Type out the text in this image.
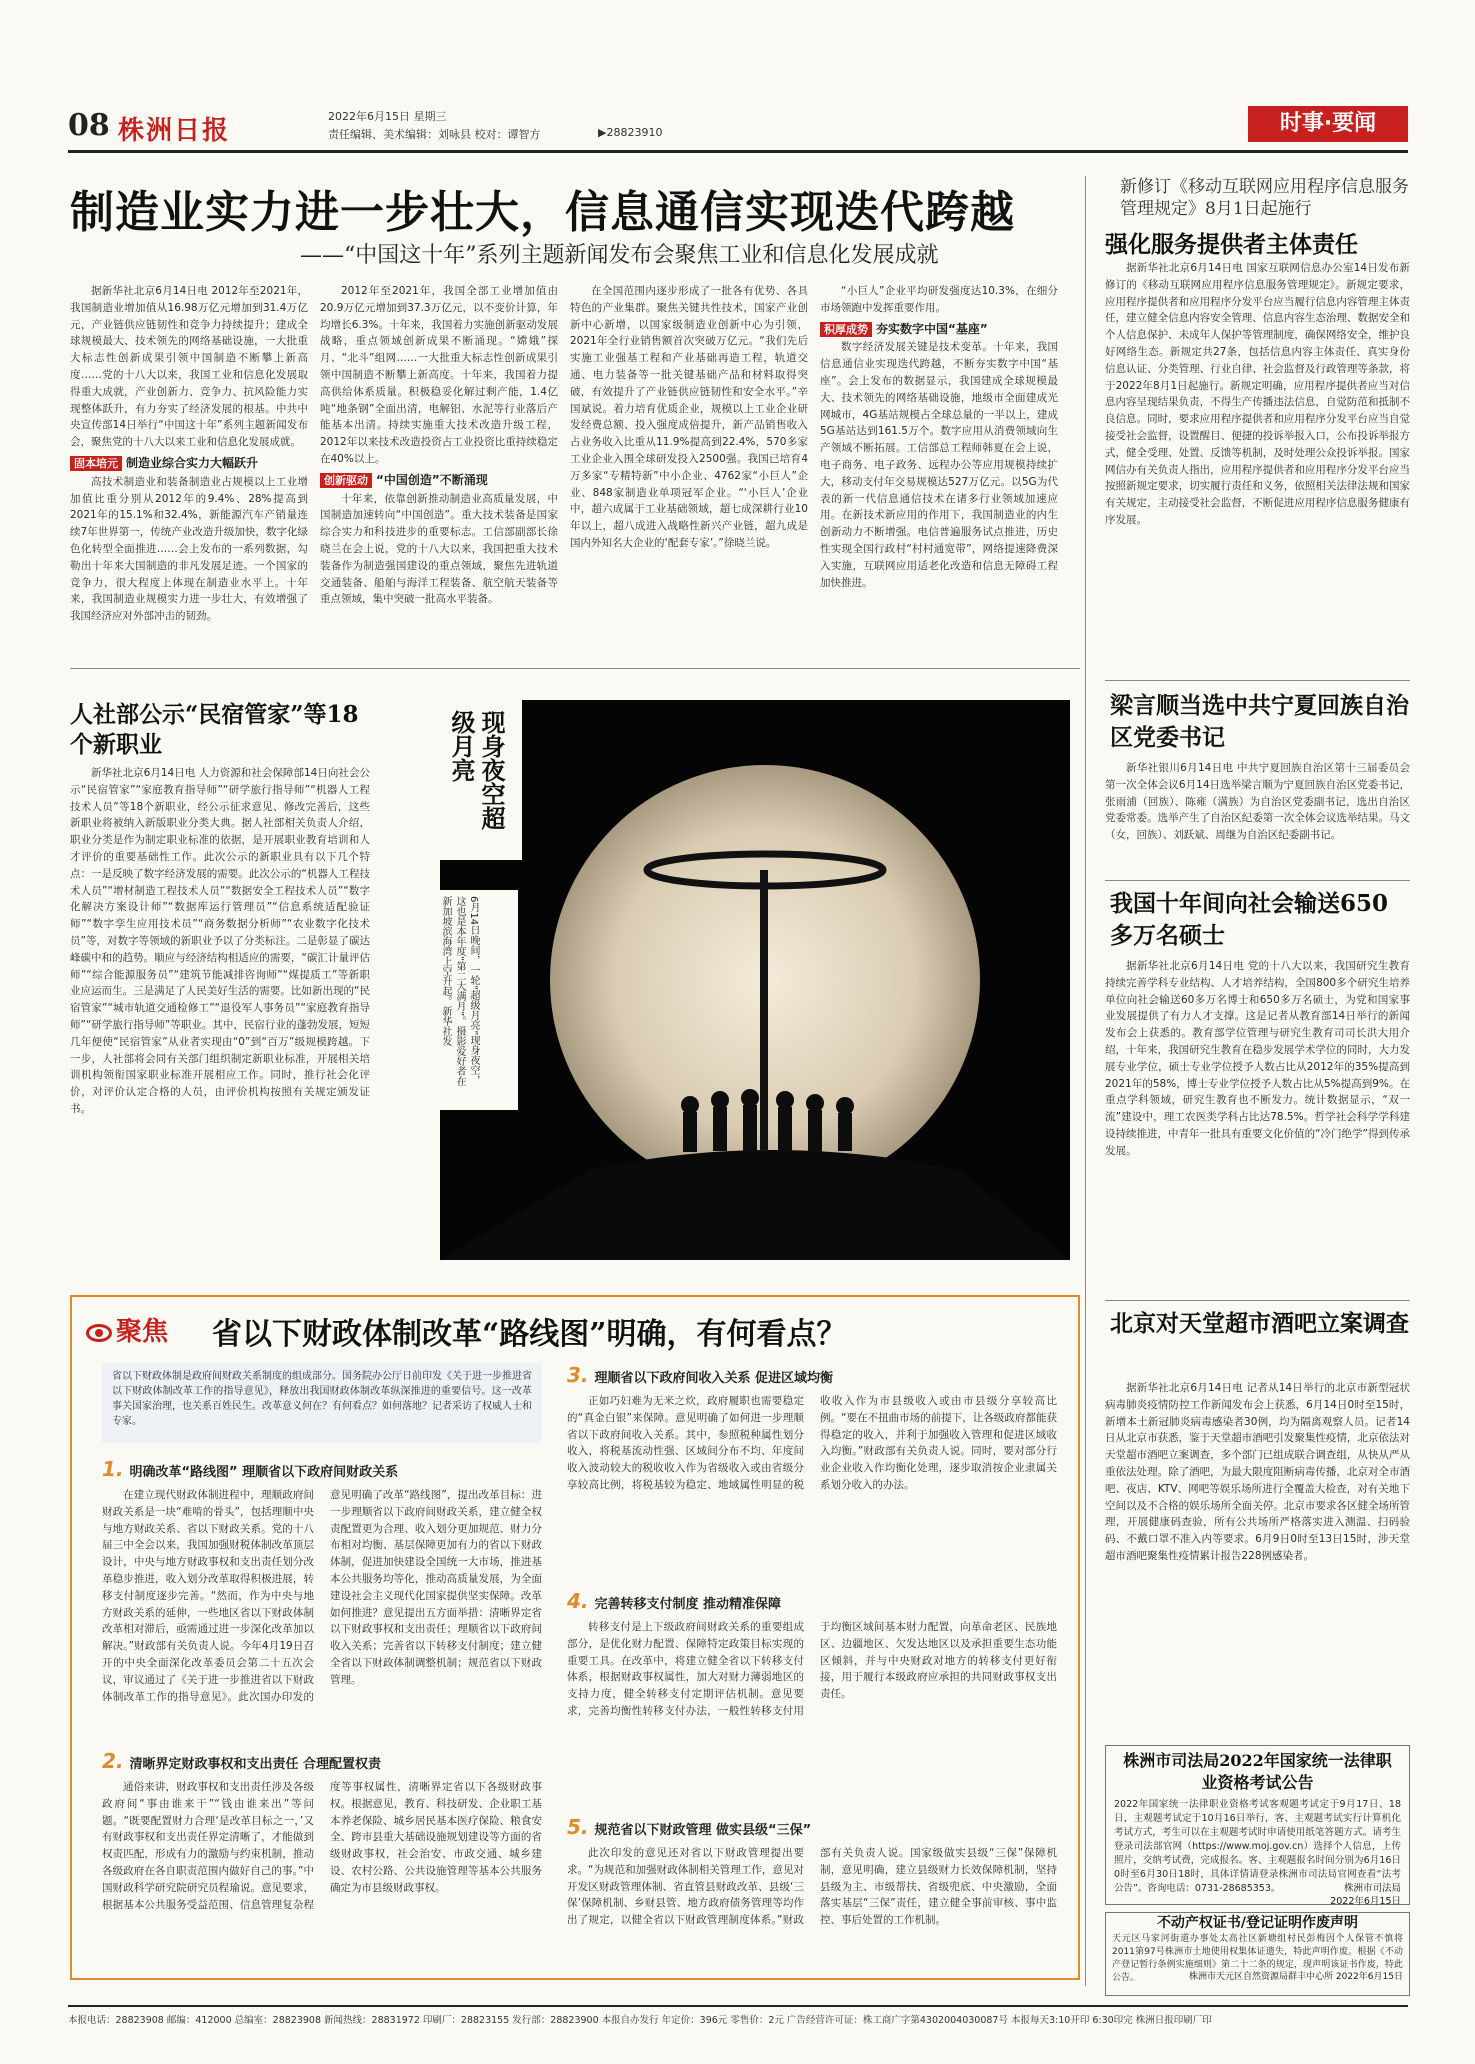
08 株洲日报	2022年6月15日 星期三
责任编辑、美术编辑：刘咏县 校对：谭智方	▶28823910	时事·要闻
制造业实力进一步壮大，信息通信实现迭代跨越
——“中国这十年”系列主题新闻发布会聚焦工业和信息化发展成就

据新华社北京6月14日电 2012年至2021年，我国制造业增加值从16.98万亿元增加到31.4万亿元，产业链供应链韧性和竞争力持续提升；建成全球规模最大、技术领先的网络基础设施，一大批重大标志性创新成果引领中国制造不断攀上新高度……党的十八大以来，我国工业和信息化发展取得重大成就，产业创新力、竞争力、抗风险能力实现整体跃升，有力夯实了经济发展的根基。中共中央宣传部14日举行“中国这十年”系列主题新闻发布会，聚焦党的十八大以来工业和信息化发展成就。

固本培元 制造业综合实力大幅跃升

高技术制造业和装备制造业占规模以上工业增加值比重分别从2012年的9.4%、28%提高到2021年的15.1%和32.4%，新能源汽车产销量连续7年世界第一，传统产业改造升级加快，数字化绿色化转型全面推进……会上发布的一系列数据，勾勒出十年来大国制造的非凡发展足迹。一个国家的竞争力，很大程度上体现在制造业水平上。十年来，我国制造业规模实力进一步壮大，有效增强了我国经济应对外部冲击的韧劲。

2012年至2021年，我国全部工业增加值由20.9万亿元增加到37.3万亿元，以不变价计算，年均增长6.3%。十年来，我国着力实施创新驱动发展战略，重点领域创新成果不断涌现。“嫦娥”探月、“北斗”组网……一大批重大标志性创新成果引领中国制造不断攀上新高度。十年来，我国着力提高供给体系质量。积极稳妥化解过剩产能，1.4亿吨“地条钢”全面出清，电解铝、水泥等行业落后产能基本出清。持续实施重大技术改造升级工程，2012年以来技术改造投资占工业投资比重持续稳定在40%以上。

创新驱动 “中国创造”不断涌现

十年来，依靠创新推动制造业高质量发展，中国制造加速转向“中国创造”。重大技术装备是国家综合实力和科技进步的重要标志。工信部副部长徐晓兰在会上说，党的十八大以来，我国把重大技术装备作为制造强国建设的重点领域，聚焦先进轨道交通装备、船舶与海洋工程装备、航空航天装备等重点领域，集中突破一批高水平装备。

在全国范围内逐步形成了一批各有优势、各具特色的产业集群。聚焦关键共性技术，国家产业创新中心新增，以国家级制造业创新中心为引领，2021年全行业销售额首次突破万亿元。“我们先后实施工业强基工程和产业基础再造工程，轨道交通、电力装备等一批关键基础产品和材料取得突破，有效提升了产业链供应链韧性和安全水平。”辛国斌说。着力培育优质企业，规模以上工业企业研发经费总额、投入强度成倍提升，新产品销售收入占业务收入比重从11.9%提高到22.4%，570多家工业企业入围全球研发投入2500强。我国已培育4万多家“专精特新”中小企业、4762家“小巨人”企业、848家制造业单项冠军企业。“‘小巨人’企业中，超六成属于工业基础领域，超七成深耕行业10年以上，超八成进入战略性新兴产业链，超九成是国内外知名大企业的‘配套专家’。”徐晓兰说。

“小巨人”企业平均研发强度达10.3%，在细分市场领跑中发挥重要作用。

积厚成势 夯实数字中国“基座”

数字经济发展关键是技术变革。十年来，我国信息通信业实现迭代跨越，不断夯实数字中国“基座”。会上发布的数据显示，我国建成全球规模最大、技术领先的网络基础设施，地级市全面建成光网城市，4G基站规模占全球总量的一半以上，建成5G基站达到161.5万个。数字应用从消费领域向生产领域不断拓展。工信部总工程师韩夏在会上说，电子商务、电子政务、远程办公等应用规模持续扩大，移动支付年交易规模达527万亿元。以5G为代表的新一代信息通信技术在诸多行业领域加速应用。在新技术新应用的作用下，我国制造业的内生创新动力不断增强。电信普遍服务试点推进，历史性实现全国行政村“村村通宽带”，网络提速降费深入实施，互联网应用适老化改造和信息无障碍工程加快推进。

新修订《移动互联网应用程序信息服务管理规定》8月1日起施行
强化服务提供者主体责任

据新华社北京6月14日电 国家互联网信息办公室14日发布新修订的《移动互联网应用程序信息服务管理规定》。新规定要求，应用程序提供者和应用程序分发平台应当履行信息内容管理主体责任，建立健全信息内容安全管理、信息内容生态治理、数据安全和个人信息保护、未成年人保护等管理制度，确保网络安全，维护良好网络生态。新规定共27条，包括信息内容主体责任、真实身份信息认证、分类管理、行业自律、社会监督及行政管理等条款，将于2022年8月1日起施行。新规定明确，应用程序提供者应当对信息内容呈现结果负责，不得生产传播违法信息，自觉防范和抵制不良信息。同时，要求应用程序提供者和应用程序分发平台应当自觉接受社会监督，设置醒目、便捷的投诉举报入口，公布投诉举报方式，健全受理、处置、反馈等机制，及时处理公众投诉举报。国家网信办有关负责人指出，应用程序提供者和应用程序分发平台应当按照新规定要求，切实履行责任和义务，依照相关法律法规和国家有关规定，主动接受社会监督，不断促进应用程序信息服务健康有序发展。

梁言顺当选中共宁夏回族自治区党委书记

新华社银川6月14日电 中共宁夏回族自治区第十三届委员会第一次全体会议6月14日选举梁言顺为宁夏回族自治区党委书记，张雨浦（回族）、陈雍（满族）为自治区党委副书记，选出自治区党委常委。选举产生了自治区纪委第一次全体会议选举结果。马文（女，回族）、刘跃斌、周继为自治区纪委副书记。

我国十年间向社会输送650多万名硕士

据新华社北京6月14日电 党的十八大以来，我国研究生教育持续完善学科专业结构、人才培养结构，全国800多个研究生培养单位向社会输送60多万名博士和650多万名硕士，为党和国家事业发展提供了有力人才支撑。这是记者从教育部14日举行的新闻发布会上获悉的。教育部学位管理与研究生教育司司长洪大用介绍，十年来，我国研究生教育在稳步发展学术学位的同时，大力发展专业学位，硕士专业学位授予人数占比从2012年的35%提高到2021年的58%，博士专业学位授予人数占比从5%提高到9%。在重点学科领域，研究生教育也不断发力。统计数据显示，“双一流”建设中，理工农医类学科占比达78.5%。哲学社会科学学科建设持续推进，中青年一批具有重要文化价值的“冷门绝学”得到传承发展。

人社部公示“民宿管家”等18个新职业

新华社北京6月14日电 人力资源和社会保障部14日向社会公示“民宿管家”“家庭教育指导师”“研学旅行指导师”“机器人工程技术人员”等18个新职业，经公示征求意见、修改完善后，这些新职业将被纳入新版职业分类大典。据人社部相关负责人介绍，职业分类是作为制定职业标准的依据，是开展职业教育培训和人才评价的重要基础性工作。此次公示的新职业具有以下几个特点：一是反映了数字经济发展的需要。此次公示的“机器人工程技术人员”“增材制造工程技术人员”“数据安全工程技术人员”“数字化解决方案设计师”“数据库运行管理员”“信息系统适配验证师”“数字孪生应用技术员”“商务数据分析师”“农业数字化技术员”等，对数字等领域的新职业予以了分类标注。二是彰显了碳达峰碳中和的趋势。顺应与经济结构相适应的需要，“碳汇计量评估师”“综合能源服务员”“建筑节能减排咨询师”“煤提质工”等新职业应运而生。三是满足了人民美好生活的需要。比如新出现的“民宿管家”“城市轨道交通检修工”“退役军人事务员”“家庭教育指导师”“研学旅行指导师”等职业。其中，民宿行业的蓬勃发展，短短几年便使“民宿管家”从业者实现由“0”到“百万”级规模跨越。下一步，人社部将会同有关部门组织制定新职业标准，开展相关培训机构领衔国家职业标准开展相应工作。同时，推行社会化评价，对评价认定合格的人员，由评价机构按照有关规定颁发证书。

现身夜空超级月亮
6月14日晚间，一轮“超级月亮”现身夜空，这也是本年度“第二大满月”。摄影爱好者在新加坡滨海湾上空升起。新华社发
聚焦	省以下财政体制改革“路线图”明确，有何看点？
省以下财政体制是政府间财政关系制度的组成部分。国务院办公厅日前印发《关于进一步推进省以下财政体制改革工作的指导意见》，释放出我国财政体制改革纵深推进的重要信号。这一改革事关国家治理，也关系百姓民生。改革意义何在？有何看点？如何落地？记者采访了权威人士和专家。
1. 明确改革“路线图” 理顺省以下政府间财政关系

在建立现代财政体制进程中，理顺政府间财政关系是一块“难啃的骨头”，包括理顺中央与地方财政关系、省以下财政关系。党的十八届三中全会以来，我国加强财税体制改革顶层设计，中央与地方财政事权和支出责任划分改革稳步推进，收入划分改革取得积极进展，转移支付制度逐步完善。“然而，作为中央与地方财政关系的延伸，一些地区省以下财政体制改革相对滞后，亟需通过进一步深化改革加以解决。”财政部有关负责人说。今年4月19日召开的中央全面深化改革委员会第二十五次会议，审议通过了《关于进一步推进省以下财政体制改革工作的指导意见》。此次国办印发的意见明确了改革“路线图”，提出改革目标：进一步理顺省以下政府间财政关系，建立健全权责配置更为合理、收入划分更加规范、财力分布相对均衡、基层保障更加有力的省以下财政体制，促进加快建设全国统一大市场，推进基本公共服务均等化，推动高质量发展，为全面建设社会主义现代化国家提供坚实保障。改革如何推进？意见提出五方面举措：清晰界定省以下财政事权和支出责任；理顺省以下政府间收入关系；完善省以下转移支付制度；建立健全省以下财政体制调整机制；规范省以下财政管理。

2. 清晰界定财政事权和支出责任 合理配置权责

通俗来讲，财政事权和支出责任涉及各级政府间“事由谁来干”“钱由谁来出”等问题。“既要配置财力合理‘是改革目标之一，’又有财政事权和支出责任界定清晰了，才能做到权责匹配，形成有力的激励与约束机制，推动各级政府在各自职责范围内做好自己的事。”中国财政科学研究院研究员程瑜说。意见要求，根据基本公共服务受益范围、信息管理复杂程度等事权属性，清晰界定省以下各级财政事权。根据意见，教育、科技研发、企业职工基本养老保险、城乡居民基本医疗保险、粮食安全、跨市县重大基础设施规划建设等方面的省级财政事权，社会治安、市政交通、城乡建设、农村公路、公共设施管理等基本公共服务确定为市县级财政事权。

3. 理顺省以下政府间收入关系 促进区域均衡

正如巧妇难为无米之炊，政府履职也需要稳定的“真金白银”来保障。意见明确了如何进一步理顺省以下政府间收入关系。其中，参照税种属性划分收入，将税基流动性强、区域间分布不均、年度间收入波动较大的税收收入作为省级收入或由省级分享较高比例，将税基较为稳定、地域属性明显的税收收入作为市县级收入或由市县级分享较高比例。“要在不扭曲市场的前提下，让各级政府都能获得稳定的收入，并利于加强收入管理和促进区域收入均衡。”财政部有关负责人说。同时，要对部分行业企业收入作均衡化处理，逐步取消按企业隶属关系划分收入的办法。

4. 完善转移支付制度 推动精准保障

转移支付是上下级政府间财政关系的重要组成部分，是优化财力配置、保障特定政策目标实现的重要工具。在改革中，将建立健全省以下转移支付体系，根据财政事权属性，加大对财力薄弱地区的支持力度，健全转移支付定期评估机制。意见要求，完善均衡性转移支付办法，一般性转移支付用于均衡区域间基本财力配置，向革命老区、民族地区、边疆地区、欠发达地区以及承担重要生态功能区倾斜，并与中央财政对地方的转移支付更好衔接，用于履行本级政府应承担的共同财政事权支出责任。

5. 规范省以下财政管理 做实县级“三保”

此次印发的意见还对省以下财政管理提出要求。“为规范和加强财政体制相关管理工作，意见对开发区财政管理体制、省直管县财政改革、县级‘三保’保障机制、乡财县管、地方政府债务管理等均作出了规定，以健全省以下财政管理制度体系。”财政部有关负责人说。国家级做实县级“三保”保障机制，意见明确，建立县级财力长效保障机制，坚持县级为主、市级帮扶、省级兜底、中央激励，全面落实基层“三保”责任，建立健全事前审核、事中监控、事后处置的工作机制。

北京对天堂超市酒吧立案调查

据新华社北京6月14日电 记者从14日举行的北京市新型冠状病毒肺炎疫情防控工作新闻发布会上获悉，6月14日0时至15时，新增本土新冠肺炎病毒感染者30例，均为隔离观察人员。记者14日从北京市获悉，鉴于天堂超市酒吧引发聚集性疫情，北京依法对天堂超市酒吧立案调查，多个部门已组成联合调查组，从快从严从重依法处理。除了酒吧，为最大限度阻断病毒传播，北京对全市酒吧、夜店、KTV、网吧等娱乐场所进行全覆盖大检查，对有关地下空间以及不合格的娱乐场所全面关停。北京市要求各区健全场所管理，开展健康码查验，所有公共场所严格落实进入测温、扫码验码、不戴口罩不准入内等要求。6月9日0时至13日15时，涉天堂超市酒吧聚集性疫情累计报告228例感染者。

株洲市司法局2022年国家统一法律职业资格考试公告
2022年国家统一法律职业资格考试客观题考试定于9月17日、18日，主观题考试定于10月16日举行，客、主观题考试实行计算机化考试方式，考生可以在主观题考试时申请使用纸笔答题方式。请考生登录司法部官网（https://www.moj.gov.cn）选择个人信息，上传照片，交纳考试费，完成报名。客、主观题报名时间分别为6月16日0时至6月30日18时，具体详情请登录株洲市司法局官网查看“法考公告”。咨询电话：0731-28685353。	株洲市司法局
2022年6月15日
不动产权证书/登记证明作废声明
天元区马家河街道办事处太高社区新塘组村民彭梅因个人保管不慎将2011第97号株洲市土地使用权集体证遗失，特此声明作废。根据《不动产登记暂行条例实施细则》第二十二条的规定，现声明该证书作废，特此公告。	株洲市天元区自然资源局群丰中心所 2022年6月15日
本报电话：28823908 邮编：412000 总编室：28823908 新闻热线：28831972 印刷厂：28823155 发行部：28823900 本报自办发行 年定价：396元 零售价：2元 广告经营许可证：株工商广字第4302004030087号 本报每天3:10开印 6:30印完 株洲日报印刷厂印
